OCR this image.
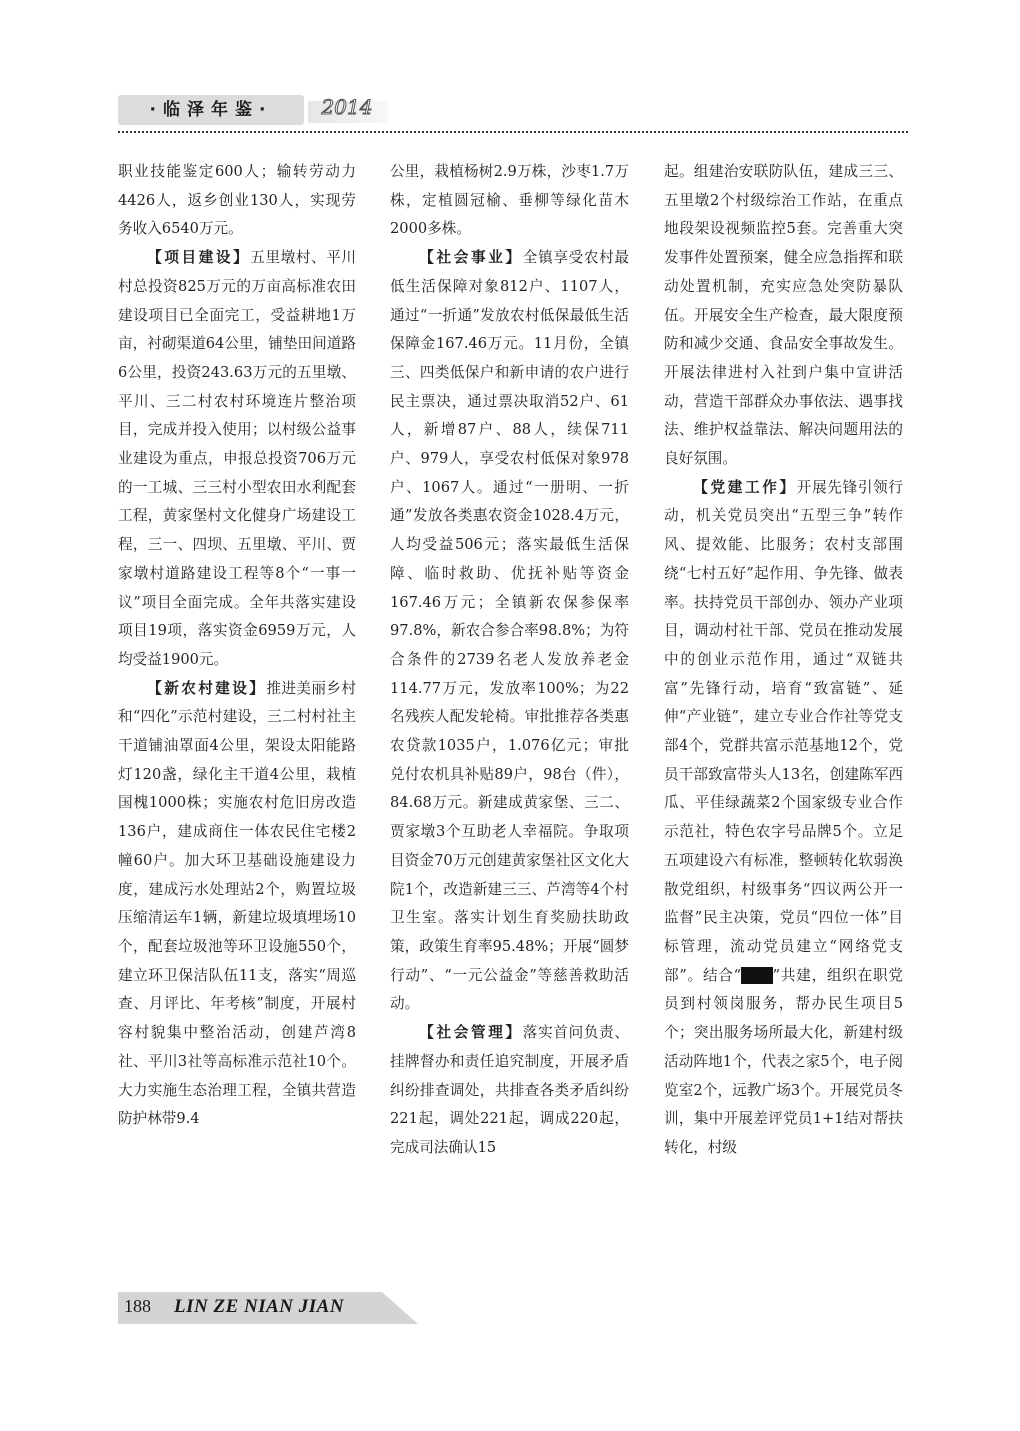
·临泽年鉴·	2014

职业技能鉴定600人；输转劳动力4426人，返乡创业130人，实现劳务收入6540万元。

【项目建设】五里墩村、平川村总投资825万元的万亩高标准农田建设项目已全面完工，受益耕地1万亩，衬砌渠道64公里，铺垫田间道路6公里，投资243.63万元的五里墩、平川、三二村农村环境连片整治项目，完成并投入使用；以村级公益事业建设为重点，申报总投资706万元的一工城、三三村小型农田水利配套工程，黄家堡村文化健身广场建设工程，三一、四坝、五里墩、平川、贾家墩村道路建设工程等8个“一事一议”项目全面完成。全年共落实建设项目19项，落实资金6959万元，人均受益1900元。

【新农村建设】推进美丽乡村和“四化”示范村建设，三二村村社主干道铺油罩面4公里，架设太阳能路灯120盏，绿化主干道4公里，栽植国槐1000株；实施农村危旧房改造136户，建成商住一体农民住宅楼2幢60户。加大环卫基础设施建设力度，建成污水处理站2个，购置垃圾压缩清运车1辆，新建垃圾填埋场10个，配套垃圾池等环卫设施550个，建立环卫保洁队伍11支，落实“周巡查、月评比、年考核”制度，开展村容村貌集中整治活动，创建芦湾8社、平川3社等高标准示范社10个。大力实施生态治理工程，全镇共营造防护林带9.4

公里，栽植杨树2.9万株，沙枣1.7万株，定植圆冠榆、垂柳等绿化苗木2000多株。

【社会事业】全镇享受农村最低生活保障对象812户、1107人，通过“一折通”发放农村低保最低生活保障金167.46万元。11月份，全镇三、四类低保户和新申请的农户进行民主票决，通过票决取消52户、61人，新增87户、88人，续保711户、979人，享受农村低保对象978户、1067人。通过“一册明、一折通”发放各类惠农资金1028.4万元，人均受益506元；落实最低生活保障、临时救助、优抚补贴等资金167.46万元；全镇新农保参保率97.8%，新农合参合率98.8%；为符合条件的2739名老人发放养老金114.77万元，发放率100%；为22名残疾人配发轮椅。审批推荐各类惠农贷款1035户，1.076亿元；审批兑付农机具补贴89户，98台（件），84.68万元。新建成黄家堡、三二、贾家墩3个互助老人幸福院。争取项目资金70万元创建黄家堡社区文化大院1个，改造新建三三、芦湾等4个村卫生室。落实计划生育奖励扶助政策，政策生育率95.48%；开展“圆梦行动”、“一元公益金”等慈善救助活动。

【社会管理】落实首问负责、挂牌督办和责任追究制度，开展矛盾纠纷排查调处，共排查各类矛盾纠纷221起，调处221起，调成220起，完成司法确认15

起。组建治安联防队伍，建成三三、五里墩2个村级综治工作站，在重点地段架设视频监控5套。完善重大突发事件处置预案，健全应急指挥和联动处置机制，充实应急处突防暴队伍。开展安全生产检查，最大限度预防和减少交通、食品安全事故发生。开展法律进村入社到户集中宣讲活动，营造干部群众办事依法、遇事找法、维护权益靠法、解决问题用法的良好氛围。

【党建工作】开展先锋引领行动，机关党员突出“五型三争”转作风、提效能、比服务；农村支部围绕“七村五好”起作用、争先锋、做表率。扶持党员干部创办、领办产业项目，调动村社干部、党员在推动发展中的创业示范作用，通过“双链共富”先锋行动，培育“致富链”、延伸“产业链”，建立专业合作社等党支部4个，党群共富示范基地12个，党员干部致富带头人13名，创建陈军西瓜、平佳绿蔬菜2个国家级专业合作示范社，特色农字号品牌5个。立足五项建设六有标准，整顿转化软弱涣散党组织，村级事务“四议两公开一监督”民主决策，党员“四位一体”目标管理，流动党员建立“网络党支部”。结合“ ”共建，组织在职党员到村领岗服务，帮办民生项目5个；突出服务场所最大化，新建村级活动阵地1个，代表之家5个，电子阅览室2个，远教广场3个。开展党员冬训，集中开展差评党员1+1结对帮扶转化，村级

188 LIN ZE NIAN JIAN
